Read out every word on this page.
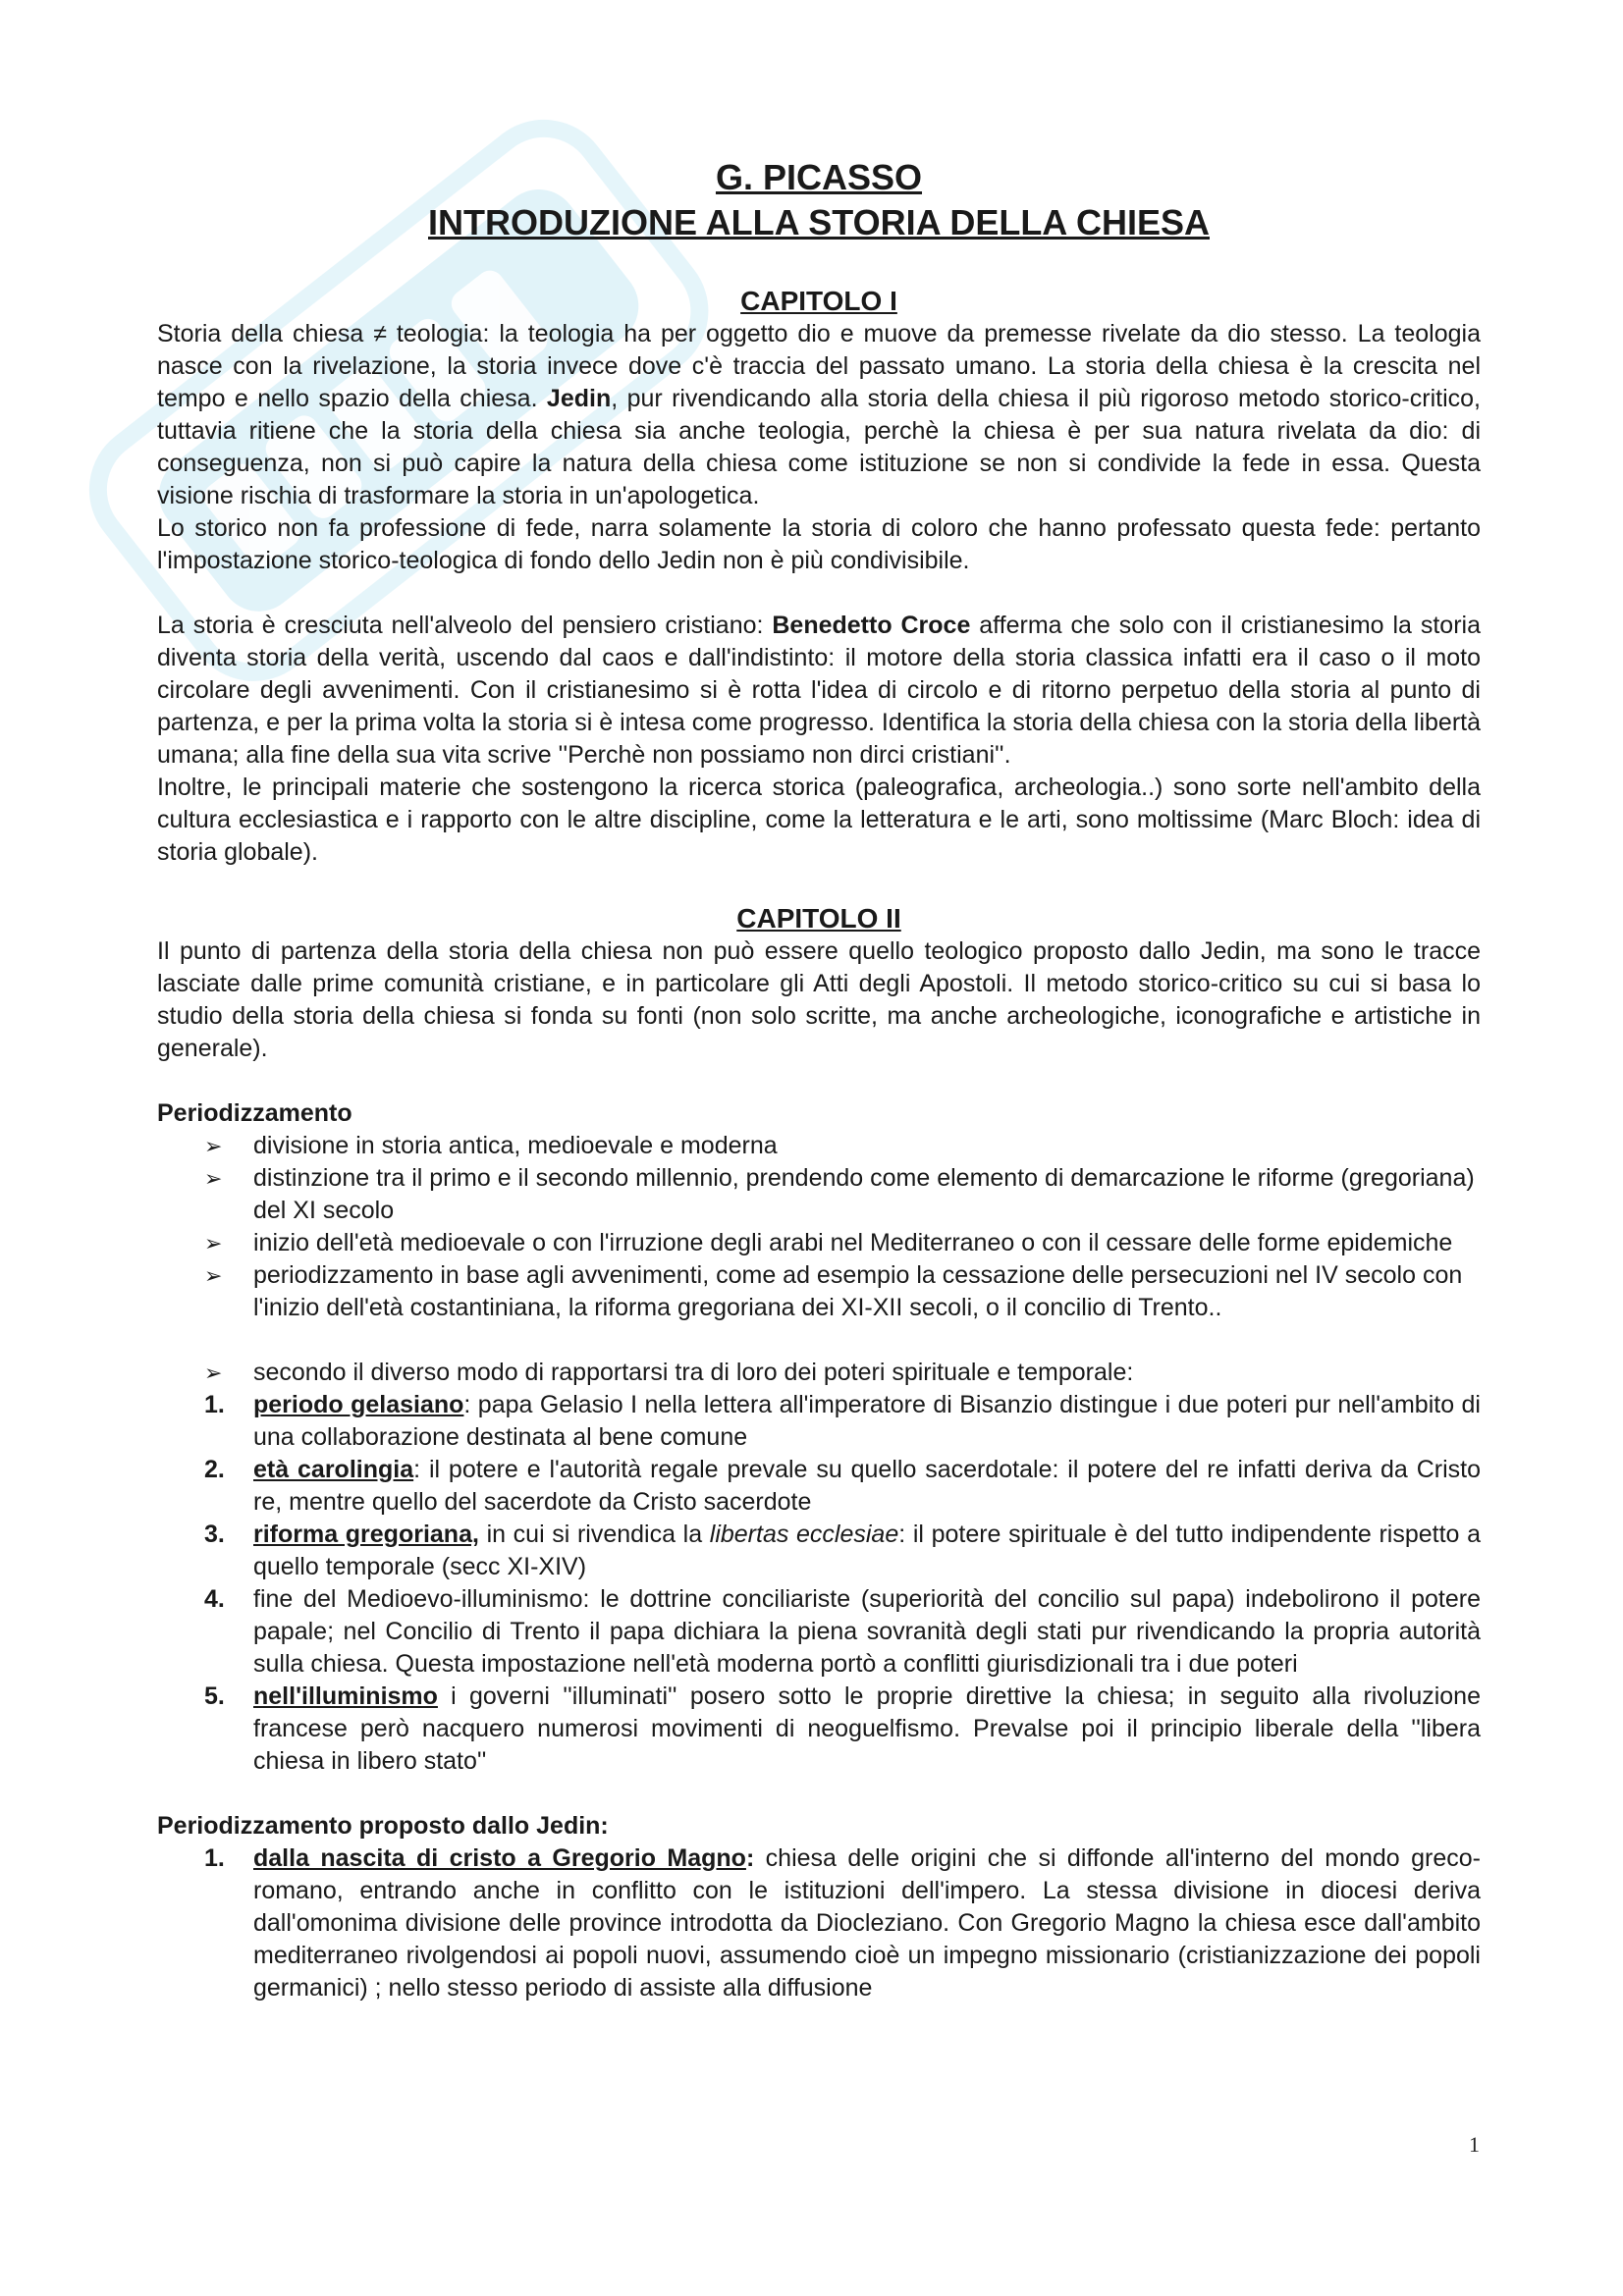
G. PICASSO
INTRODUZIONE ALLA STORIA DELLA CHIESA
CAPITOLO I

Storia della chiesa ≠ teologia: la teologia ha per oggetto dio e muove da premesse rivelate da dio stesso. La teologia nasce con la rivelazione, la storia invece dove c'è traccia del passato umano. La storia della chiesa è la crescita nel tempo e nello spazio della chiesa. Jedin, pur rivendicando alla storia della chiesa il più rigoroso metodo storico-critico, tuttavia ritiene che la storia della chiesa sia anche teologia, perchè la chiesa è per sua natura rivelata da dio: di conseguenza, non si può capire la natura della chiesa come istituzione se non si condivide la fede in essa. Questa visione rischia di trasformare la storia in un'apologetica.

Lo storico non fa professione di fede, narra solamente la storia di coloro che hanno professato questa fede: pertanto l'impostazione storico-teologica di fondo dello Jedin non è più condivisibile.

La storia è cresciuta nell'alveolo del pensiero cristiano: Benedetto Croce afferma che solo con il cristianesimo la storia diventa storia della verità, uscendo dal caos e dall'indistinto: il motore della storia classica infatti era il caso o il moto circolare degli avvenimenti. Con il cristianesimo si è rotta l'idea di circolo e di ritorno perpetuo della storia al punto di partenza, e per la prima volta la storia si è intesa come progresso. Identifica la storia della chiesa con la storia della libertà umana; alla fine della sua vita scrive ''Perchè non possiamo non dirci cristiani''.

Inoltre, le principali materie che sostengono la ricerca storica (paleografica, archeologia..) sono sorte nell'ambito della cultura ecclesiastica e i rapporto con le altre discipline, come la letteratura e le arti, sono moltissime (Marc Bloch: idea di storia globale).

CAPITOLO II

Il punto di partenza della storia della chiesa non può essere quello teologico proposto dallo Jedin, ma sono le tracce lasciate dalle prime comunità cristiane, e in particolare gli Atti degli Apostoli. Il metodo storico-critico su cui si basa lo studio della storia della chiesa si fonda su fonti (non solo scritte, ma anche archeologiche, iconografiche e artistiche in generale).

Periodizzamento

➢ divisione in storia antica, medioevale e moderna
➢ distinzione tra il primo e il secondo millennio, prendendo come elemento di demarcazione le riforme (gregoriana) del XI secolo
➢ inizio dell'età medioevale o con l'irruzione degli arabi nel Mediterraneo o con il cessare delle forme epidemiche
➢ periodizzamento in base agli avvenimenti, come ad esempio la cessazione delle persecuzioni nel IV secolo con l'inizio dell'età costantiniana, la riforma gregoriana dei XI-XII secoli, o il concilio di Trento..
➢ secondo il diverso modo di rapportarsi tra di loro dei poteri spirituale e temporale:
1. periodo gelasiano: papa Gelasio I nella lettera all'imperatore di Bisanzio distingue i due poteri pur nell'ambito di una collaborazione destinata al bene comune
2. età carolingia: il potere e l'autorità regale prevale su quello sacerdotale: il potere del re infatti deriva da Cristo re, mentre quello del sacerdote da Cristo sacerdote
3. riforma gregoriana, in cui si rivendica la libertas ecclesiae: il potere spirituale è del tutto indipendente rispetto a quello temporale (secc XI-XIV)
4. fine del Medioevo-illuminismo: le dottrine conciliariste (superiorità del concilio sul papa) indebolirono il potere papale; nel Concilio di Trento il papa dichiara la piena sovranità degli stati pur rivendicando la propria autorità sulla chiesa. Questa impostazione nell'età moderna portò a conflitti giurisdizionali tra i due poteri
5. nell'illuminismo i governi ''illuminati'' posero sotto le proprie direttive la chiesa; in seguito alla rivoluzione francese però nacquero numerosi movimenti di neoguelfismo. Prevalse poi il principio liberale della ''libera chiesa in libero stato''

Periodizzamento proposto dallo Jedin:

1. dalla nascita di cristo a Gregorio Magno: chiesa delle origini che si diffonde all'interno del mondo greco-romano, entrando anche in conflitto con le istituzioni dell'impero. La stessa divisione in diocesi deriva dall'omonima divisione delle province introdotta da Diocleziano. Con Gregorio Magno la chiesa esce dall'ambito mediterraneo rivolgendosi ai popoli nuovi, assumendo cioè un impegno missionario (cristianizzazione dei popoli germanici) ; nello stesso periodo di assiste alla diffusione
1
